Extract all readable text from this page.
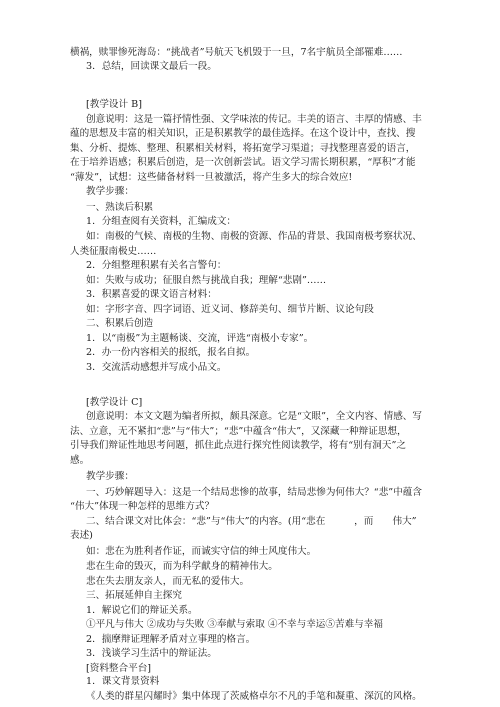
横祸，赎罪惨死海岛：“挑战者”号航天飞机毁于一旦，7名宇航员全部罹难……
3．总结，回读课文最后一段。
[教学设计 B]
创意说明：这是一篇抒情性强、文学味浓的传记。丰美的语言、丰厚的情感、丰
蕴的思想及丰富的相关知识，正是积累教学的最佳选择。在这个设计中，查找、搜
集、分析、提炼、整理、积累相关材料，将拓宽学习渠道；寻找整理喜爱的语言，
在于培养语感；积累后创造，是一次创新尝试。语文学习需长期积累，“厚积”才能
“薄发”，试想：这些储备材料一旦被激活，将产生多大的综合效应!
教学步骤：
一、熟读后积累
1．分组查阅有关资料，汇编成文：
如：南极的气候、南极的生物、南极的资源、作品的背景、我国南极考察状况、
人类征服南极史……
2．分组整理积累有关名言警句：
如：失败与成功；征服自然与挑战自我；理解“悲剧”……
3．积累喜爱的课文语言材料：
如：字形字音、四字词语、近义词、修辞美句、细节片断、议论句段
二、积累后创造
1．以“南极”为主题畅谈、交流，评选“南极小专家”。
2．办一份内容相关的报纸，报名自拟。
3．交流活动感想并写成小品文。
[教学设计 C]
创意说明：本文文题为编者所拟，颇具深意。它是“文眼”，全文内容、情感、写
法、立意，无不紧扣“悲”与“伟大”；“悲”中蕴含“伟大”，又深藏一种辩证思想，
引导我们辩证性地思考问题，抓住此点进行探究性阅读教学，将有“别有洞天”之
感。
教学步骤：
一、巧妙解题导入：这是一个结局悲惨的故事，结局悲惨为何伟大？“悲”中蕴含
“伟大”体现一种怎样的思维方式？
二、结合课文对比体会：“悲”与“伟大”的内容。(用“悲在　　　，而　　伟大”
表述)
如：悲在为胜利者作证，而诚实守信的绅士风度伟大。
悲在生命的毁灭，而为科学献身的精神伟大。
悲在失去朋友亲人，而无私的爱伟大。
三、拓展延伸自主探究
1．解说它们的辩证关系。
①平凡与伟大 ②成功与失败 ③奉献与索取 ④不幸与幸运⑤苦难与幸福
2．揣摩辩证理解矛盾对立事理的格言。
3．浅谈学习生活中的辩证法。
[资料整合平台]
1．课文背景资料
《人类的群星闪耀时》集中体现了茨威格卓尔不凡的手笔和凝重、深沉的风格。
